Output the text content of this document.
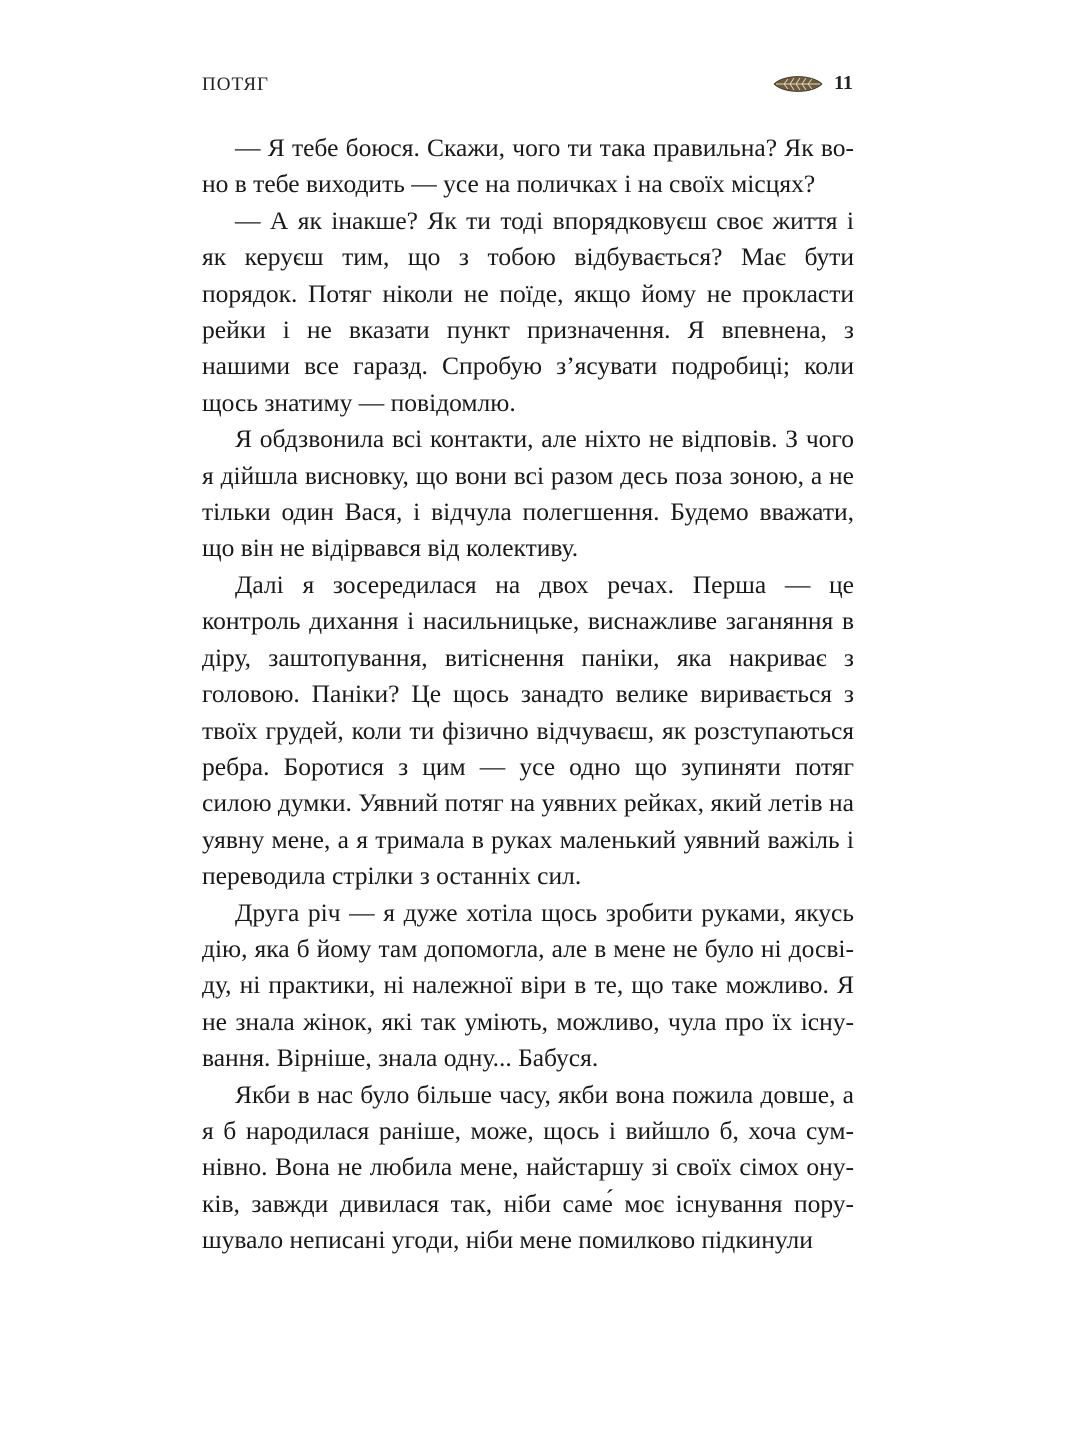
ПОТЯГ	11

— Я тебе боюся. Скажи, чого ти така правильна? Як воно в тебе виходить — усе на поличках і на своїх місцях?

— А як інакше? Як ти тоді впорядковуєш своє життя і як керуєш тим, що з тобою відбувається? Має бути порядок. Потяг ніколи не поїде, якщо йому не прокласти рейки і не вказати пункт призначення. Я впевнена, з нашими все гаразд. Спробую з’ясувати подробиці; коли щось знатиму — повідомлю.

Я обдзвонила всі контакти, але ніхто не відповів. З чого я дійшла висновку, що вони всі разом десь поза зоною, а не тільки один Вася, і відчула полегшення. Будемо вважати, що він не відірвався від колективу.

Далі я зосередилася на двох речах. Перша — це контроль дихання і насильницьке, виснажливе заганяння в діру, заштопування, витіснення паніки, яка накриває з головою. Паніки? Це щось занадто велике виривається з твоїх грудей, коли ти фізично відчуваєш, як розступаються ребра. Боротися з цим — усе одно що зупиняти потяг силою думки. Уявний потяг на уявних рейках, який летів на уявну мене, а я тримала в руках маленький уявний важіль і переводила стрілки з останніх сил.

Друга річ — я дуже хотіла щось зробити руками, якусь дію, яка б йому там допомогла, але в мене не було ні досвіду, ні практики, ні належної віри в те, що таке можливо. Я не знала жінок, які так уміють, можливо, чула про їх існування. Вірніше, знала одну... Бабуся.

Якби в нас було більше часу, якби вона пожила довше, а я б народилася раніше, може, щось і вийшло б, хоча сумнівно. Вона не любила мене, найстаршу зі своїх сімох онуків, завжди дивилася так, ніби саме́ моє існування порушувало неписані угоди, ніби мене помилково підкинули
